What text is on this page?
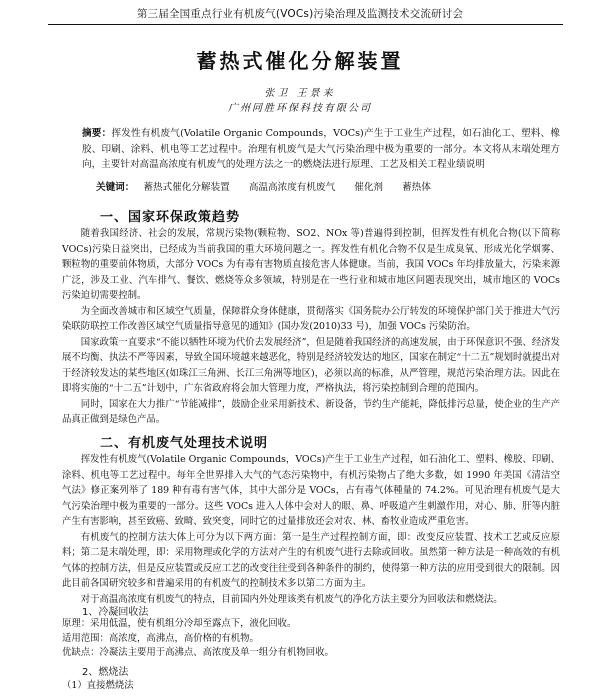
第三届全国重点行业有机废气(VOCs)污染治理及监测技术交流研讨会
蓄热式催化分解装置
张卫 王景来
广州同胜环保科技有限公司
摘要：挥发性有机废气(Volatile Organic Compounds，VOCs)产生于工业生产过程，如石油化工、塑料、橡胶、印刷、涂料、机电等工艺过程中。治理有机废气是大气污染治理中极为重要的一部分。本文将从末端处理方向，主要针对高温高浓度有机废气的处理方法之一的燃烧法进行原理、工艺及相关工程业绩说明
关键词： 蓄热式催化分解装置 高温高浓度有机废气 催化剂 蓄热体
一、国家环保政策趋势

随着我国经济、社会的发展，常规污染物(颗粒物、SO2、NOx 等)普遍得到控制，但挥发性有机化合物(以下简称 VOCs)污染日益突出，已经成为当前我国的重大环境问题之一。挥发性有机化合物不仅是生成臭氧、形成光化学烟雾、颗粒物的重要前体物质，大部分 VOCs 为有毒有害物质直接危害人体健康。当前，我国 VOCs 年均排放量大，污染来源广泛，涉及工业、汽车排气、餐饮、燃烧等众多领域，特别是在一些行业和城市地区问题表现突出，城市地区的 VOCs 污染迫切需要控制。

为全面改善城市和区域空气质量，保障群众身体健康，贯彻落实《国务院办公厅转发的环境保护部门关于推进大气污染联防联控工作改善区域空气质量指导意见的通知》(国办发(2010)33 号)，加强 VOCs 污染防治。

国家政策一直要求“不能以牺牲环境为代价去发展经济”，但是随着我国经济的高速发展，由于环保意识不强、经济发展不均衡、执法不严等因素，导致全国环境越来越恶化，特别是经济较发达的地区，国家在制定“十二五”规划时就提出对于经济较发达的某些地区(如珠江三角洲、长江三角洲等地区)，必须以高的标准，从严管理，规范污染治理方法。因此在即将实施的“十二五”计划中，广东省政府将会加大管理力度，严格执法，将污染控制到合理的范围内。

同时，国家在大力推广“节能减排”，鼓励企业采用新技术、新设备，节约生产能耗，降低排污总量，使企业的生产产品真正做到是绿色产品。

二、有机废气处理技术说明

挥发性有机废气(Volatile Organic Compounds，VOCs)产生于工业生产过程，如石油化工、塑料、橡胶、印刷、涂料、机电等工艺过程中。每年全世界排入大气的气态污染物中，有机污染物占了绝大多数，如 1990 年美国《清洁空气法》修正案列举了 189 种有毒有害气体，其中大部分是 VOCs，占有毒气体種量的 74.2%。可见治理有机废气是大气污染治理中极为重要的一部分。这些 VOCs 进入人体中会对人的眼、鼻、呼吸道产生刺激作用，对心、肺、肝等内脏产生有害影响，甚至致癌、致畸、致突变，同时它的过量排放还会对农、林、畜牧业造成严重危害。

有机废气的控制方法大体上可分为以下两方面：第一是生产过程控制方面，即：改变反应装置、技术工艺或反应原料；第二是末端处理，即：采用物理或化学的方法对产生的有机废气进行去除或回收。虽然第一种方法是一种高效的有机气体的控制方法，但是反应装置或反应工艺的改变往往受到各种条件的制约，使得第一种方法的应用受到很大的限制。因此目前各国研究较多和普遍采用的有机废气的控制技术多以第二方面为主。

对于高温高浓度有机废气的特点，目前国内外处理该类有机废气的净化方法主要分为回收法和燃烧法。

1、冷凝回收法

原理：采用低温，使有机组分冷却至露点下，液化回收。

适用范围：高浓度，高沸点，高价格的有机物。

优缺点：冷凝法主要用于高沸点、高浓度及单一组分有机物回收。

2、燃烧法

（1）直接燃烧法
